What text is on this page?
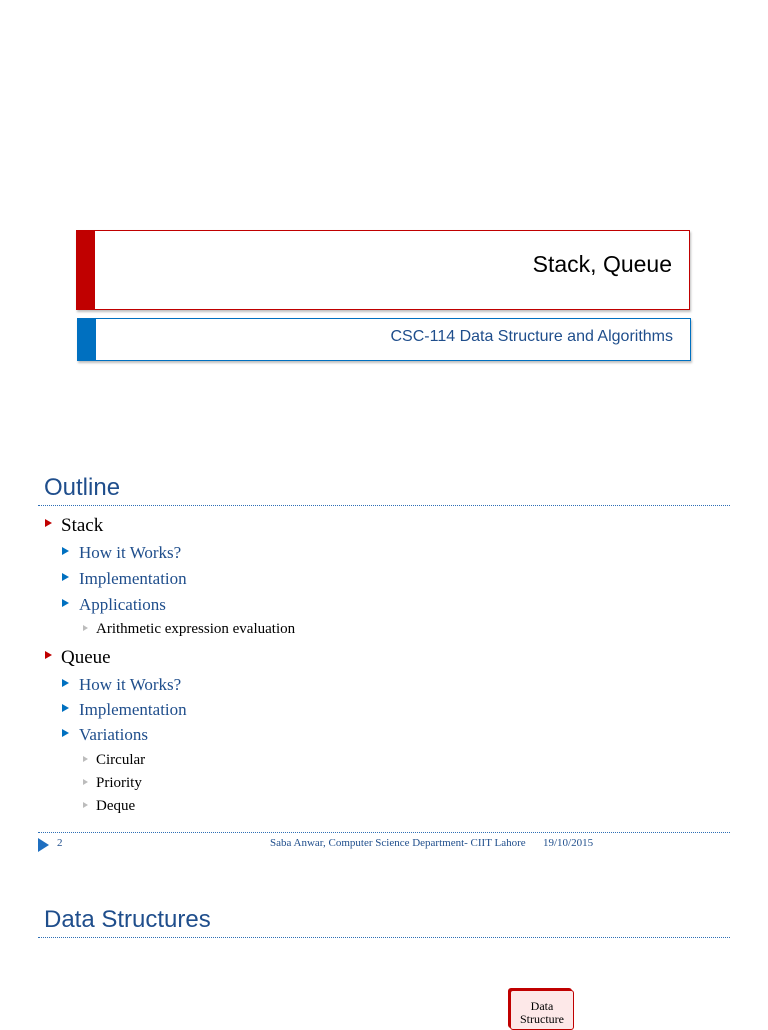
Stack, Queue
CSC-114 Data Structure and Algorithms
Outline
Stack
How it Works?
Implementation
Applications
Arithmetic expression evaluation
Queue
How it Works?
Implementation
Variations
Circular
Priority
Deque
2	Saba Anwar, Computer Science Department- CIIT Lahore 19/10/2015
Data Structures
Data
Structure
